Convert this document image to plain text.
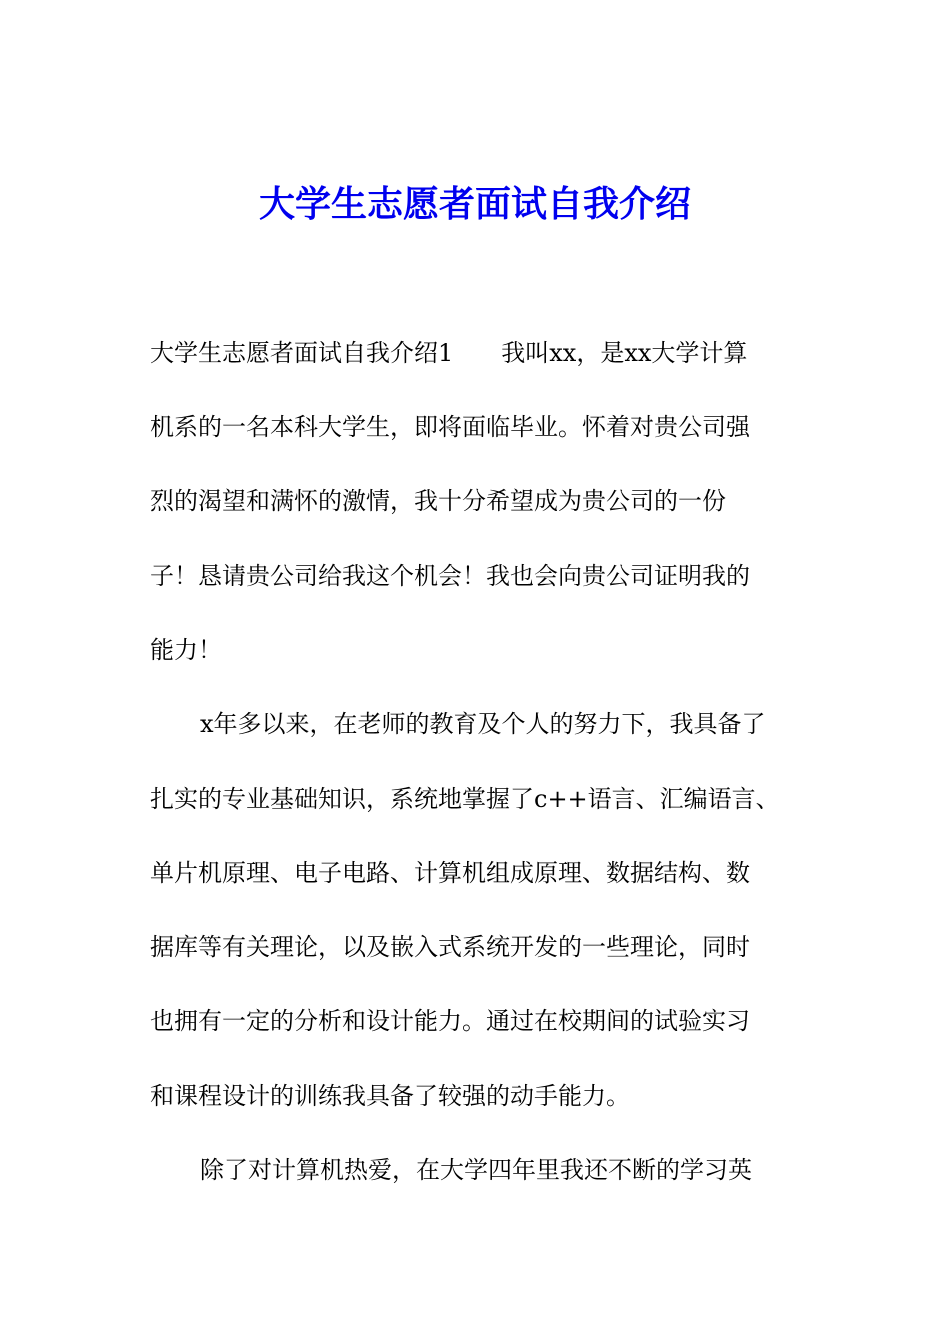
大学生志愿者面试自我介绍
大学生志愿者面试自我介绍1　　我叫xx，是xx大学计算
机系的一名本科大学生，即将面临毕业。怀着对贵公司强
烈的渴望和满怀的激情，我十分希望成为贵公司的一份
子！恳请贵公司给我这个机会！我也会向贵公司证明我的
能力！
x年多以来，在老师的教育及个人的努力下，我具备了
扎实的专业基础知识，系统地掌握了c++语言、汇编语言、
单片机原理、电子电路、计算机组成原理、数据结构、数
据库等有关理论，以及嵌入式系统开发的一些理论，同时
也拥有一定的分析和设计能力。通过在校期间的试验实习
和课程设计的训练我具备了较强的动手能力。
除了对计算机热爱，在大学四年里我还不断的学习英
